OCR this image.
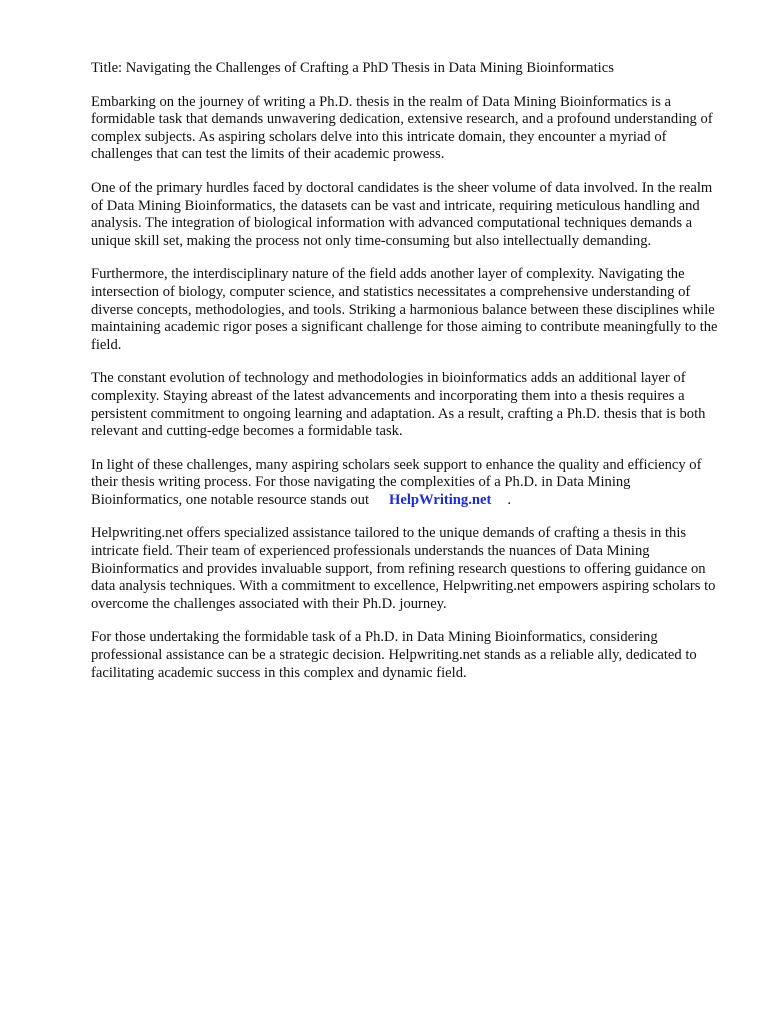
Title: Navigating the Challenges of Crafting a PhD Thesis in Data Mining Bioinformatics

Embarking on the journey of writing a Ph.D. thesis in the realm of Data Mining Bioinformatics is a formidable task that demands unwavering dedication, extensive research, and a profound understanding of complex subjects. As aspiring scholars delve into this intricate domain, they encounter a myriad of challenges that can test the limits of their academic prowess.

One of the primary hurdles faced by doctoral candidates is the sheer volume of data involved. In the realm of Data Mining Bioinformatics, the datasets can be vast and intricate, requiring meticulous handling and analysis. The integration of biological information with advanced computational techniques demands a unique skill set, making the process not only time-consuming but also intellectually demanding.

Furthermore, the interdisciplinary nature of the field adds another layer of complexity. Navigating the intersection of biology, computer science, and statistics necessitates a comprehensive understanding of diverse concepts, methodologies, and tools. Striking a harmonious balance between these disciplines while maintaining academic rigor poses a significant challenge for those aiming to contribute meaningfully to the field.

The constant evolution of technology and methodologies in bioinformatics adds an additional layer of complexity. Staying abreast of the latest advancements and incorporating them into a thesis requires a persistent commitment to ongoing learning and adaptation. As a result, crafting a Ph.D. thesis that is both relevant and cutting-edge becomes a formidable task.

In light of these challenges, many aspiring scholars seek support to enhance the quality and efficiency of their thesis writing process. For those navigating the complexities of a Ph.D. in Data Mining Bioinformatics, one notable resource stands out HelpWriting.net .

Helpwriting.net offers specialized assistance tailored to the unique demands of crafting a thesis in this intricate field. Their team of experienced professionals understands the nuances of Data Mining Bioinformatics and provides invaluable support, from refining research questions to offering guidance on data analysis techniques. With a commitment to excellence, Helpwriting.net empowers aspiring scholars to overcome the challenges associated with their Ph.D. journey.

For those undertaking the formidable task of a Ph.D. in Data Mining Bioinformatics, considering professional assistance can be a strategic decision. Helpwriting.net stands as a reliable ally, dedicated to facilitating academic success in this complex and dynamic field.
